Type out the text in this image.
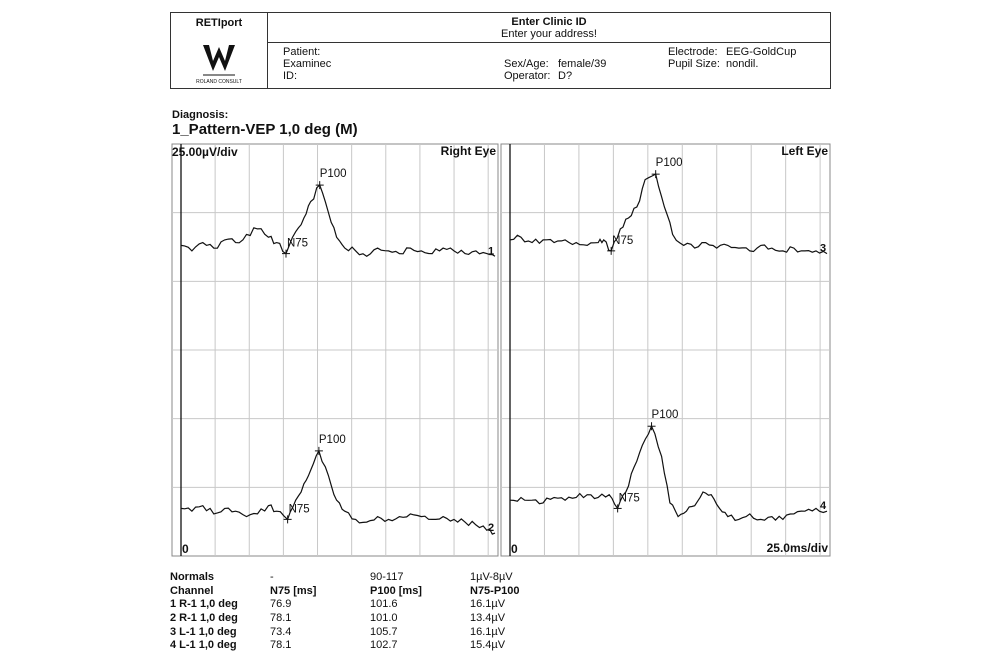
RETIport
ROLAND CONSULT
Enter Clinic ID
Enter your address!
Patient:
Examinec
ID:
Sex/Age: female/39
Operator: D?
Electrode: EEG-GoldCup
Pupil Size: nondil.
Diagnosis:
1_Pattern-VEP 1,0 deg (M)
Right Eye
0
1
N75
P100
2
N75
P100
Left Eye
0
3
N75
P100
4
N75
P100
25.00µV/div
25.0ms/div
Normals	-	90-117	1µV-8µV
Channel	N75 [ms]	P100 [ms]	N75-P100
1 R-1 1,0 deg	76.9	101.6	16.1µV
2 R-1 1,0 deg	78.1	101.0	13.4µV
3 L-1 1,0 deg	73.4	105.7	16.1µV
4 L-1 1,0 deg	78.1	102.7	15.4µV
